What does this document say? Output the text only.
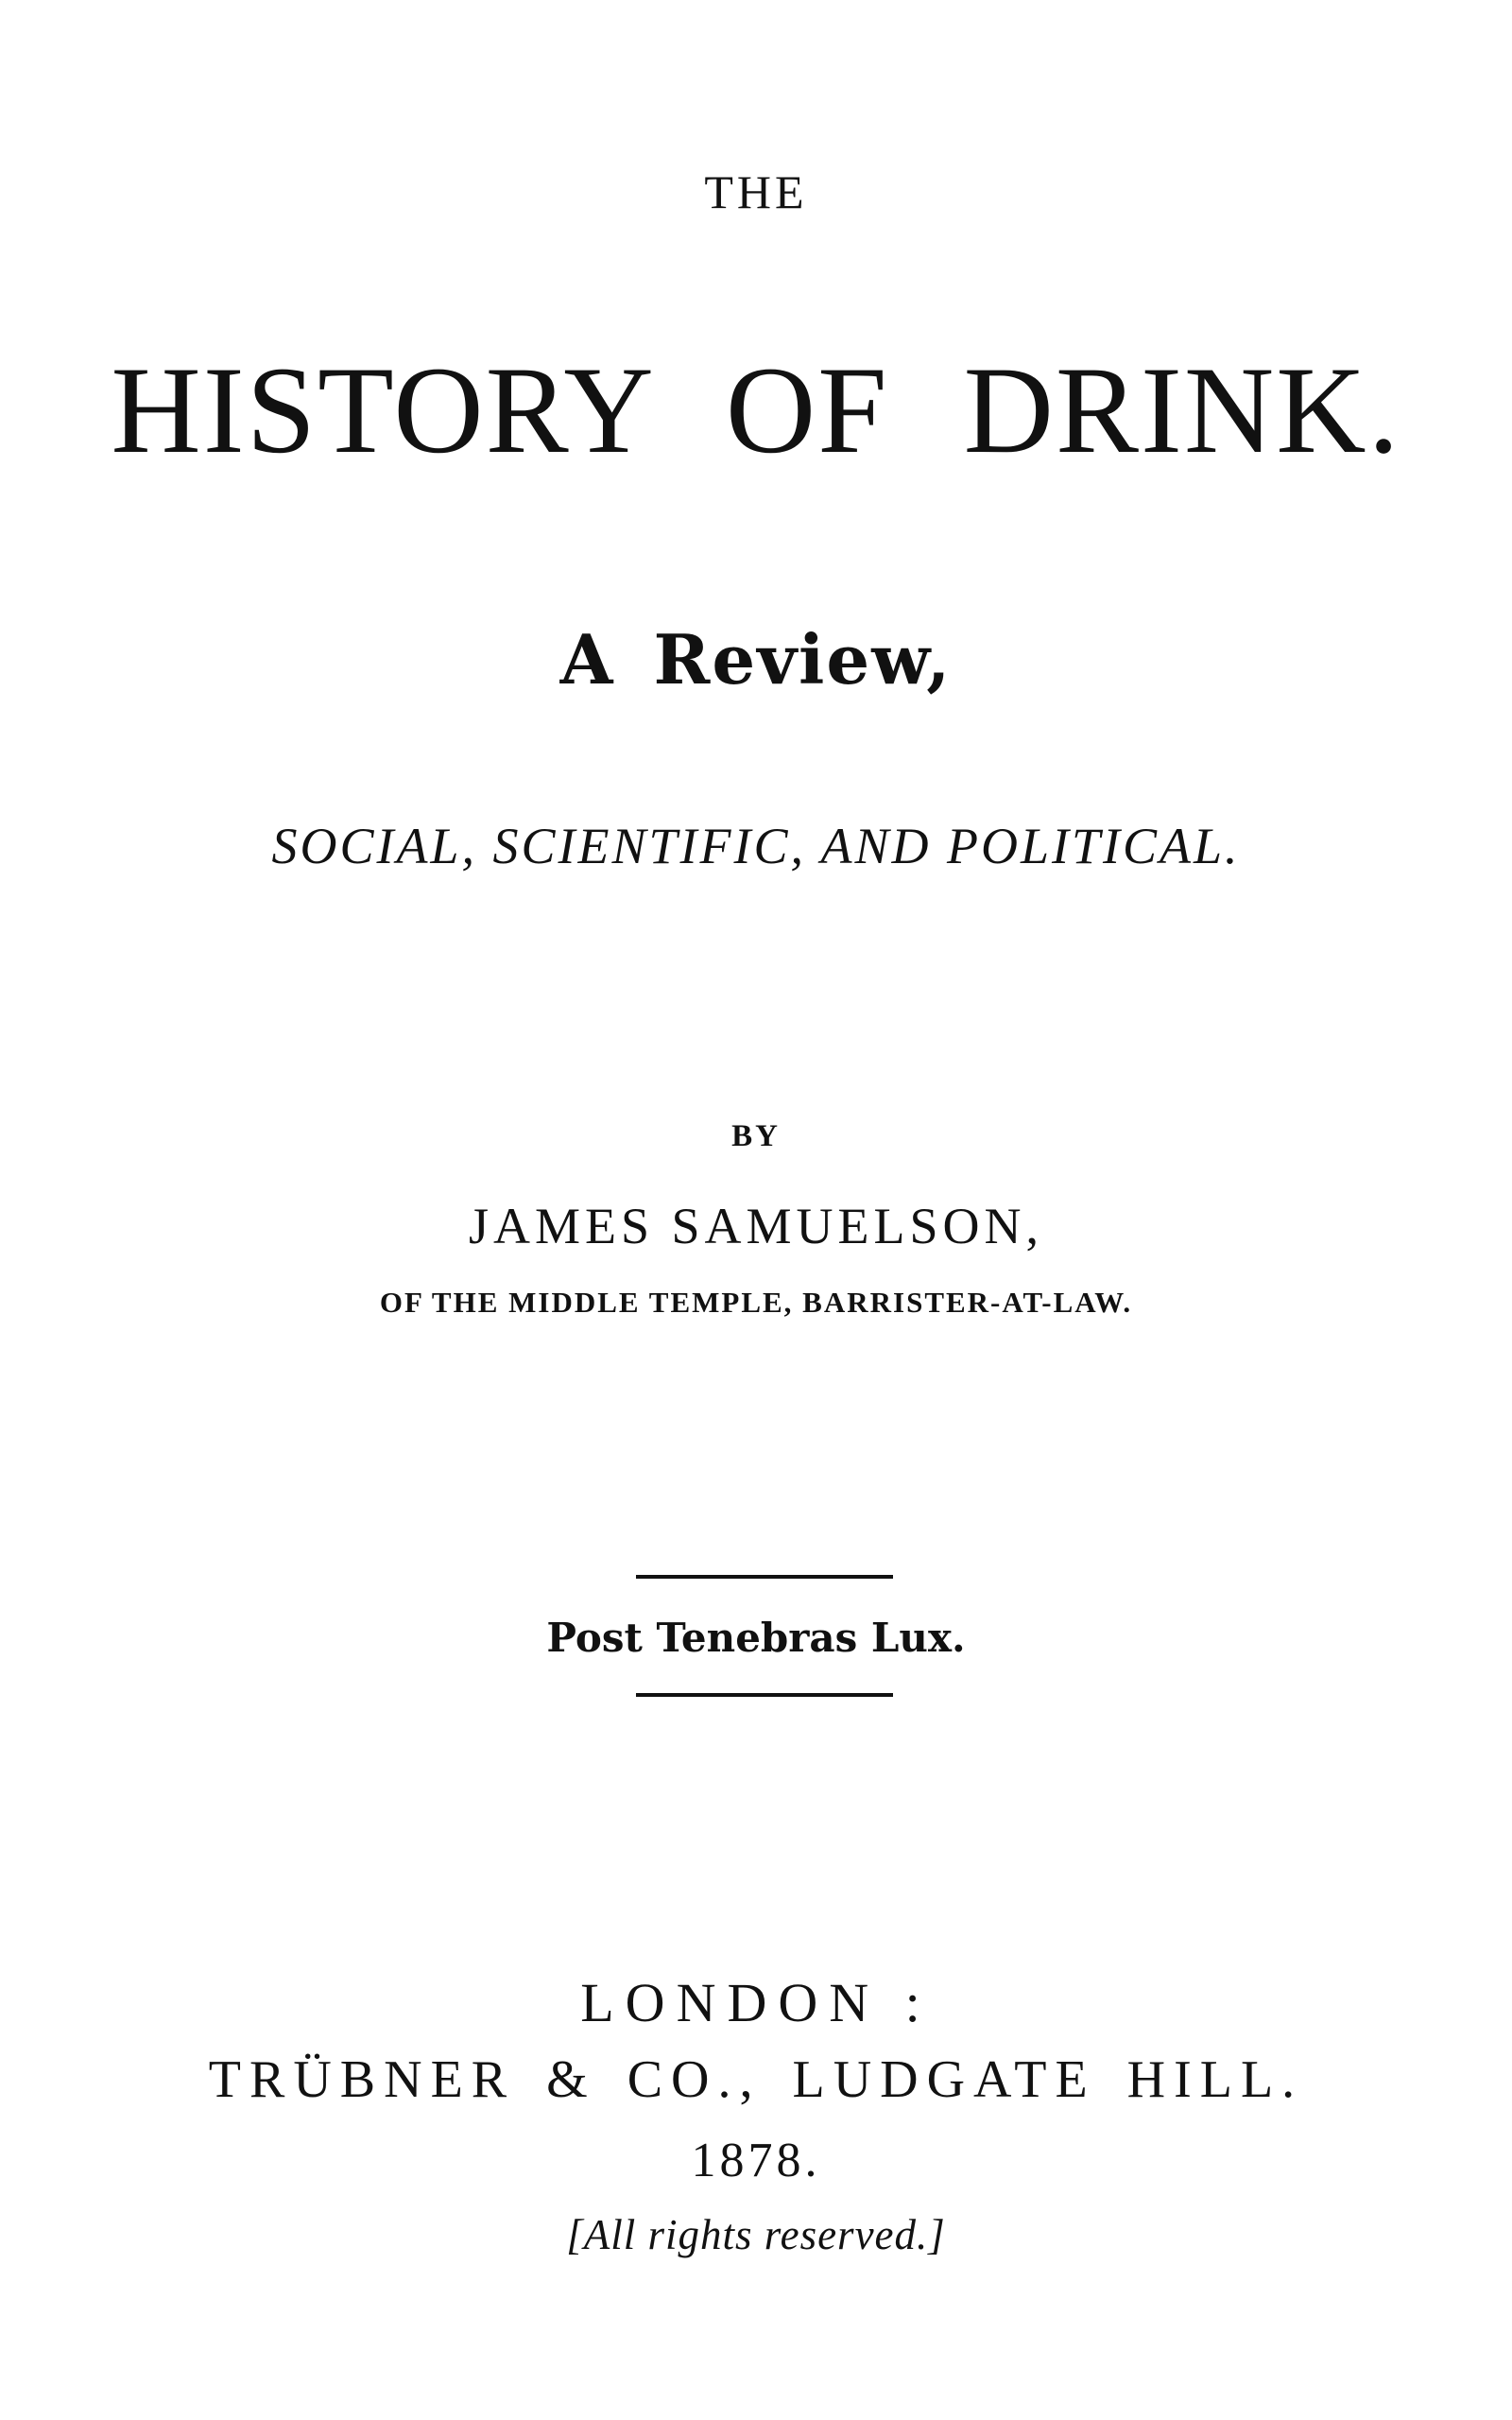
THE
HISTORY OF DRINK.
A Review,
SOCIAL, SCIENTIFIC, AND POLITICAL.
BY
JAMES SAMUELSON,
OF THE MIDDLE TEMPLE, BARRISTER-AT-LAW.
Post Tenebras Lux.
LONDON :
TRÜBNER & CO., LUDGATE HILL.
1878.
[All rights reserved.]
